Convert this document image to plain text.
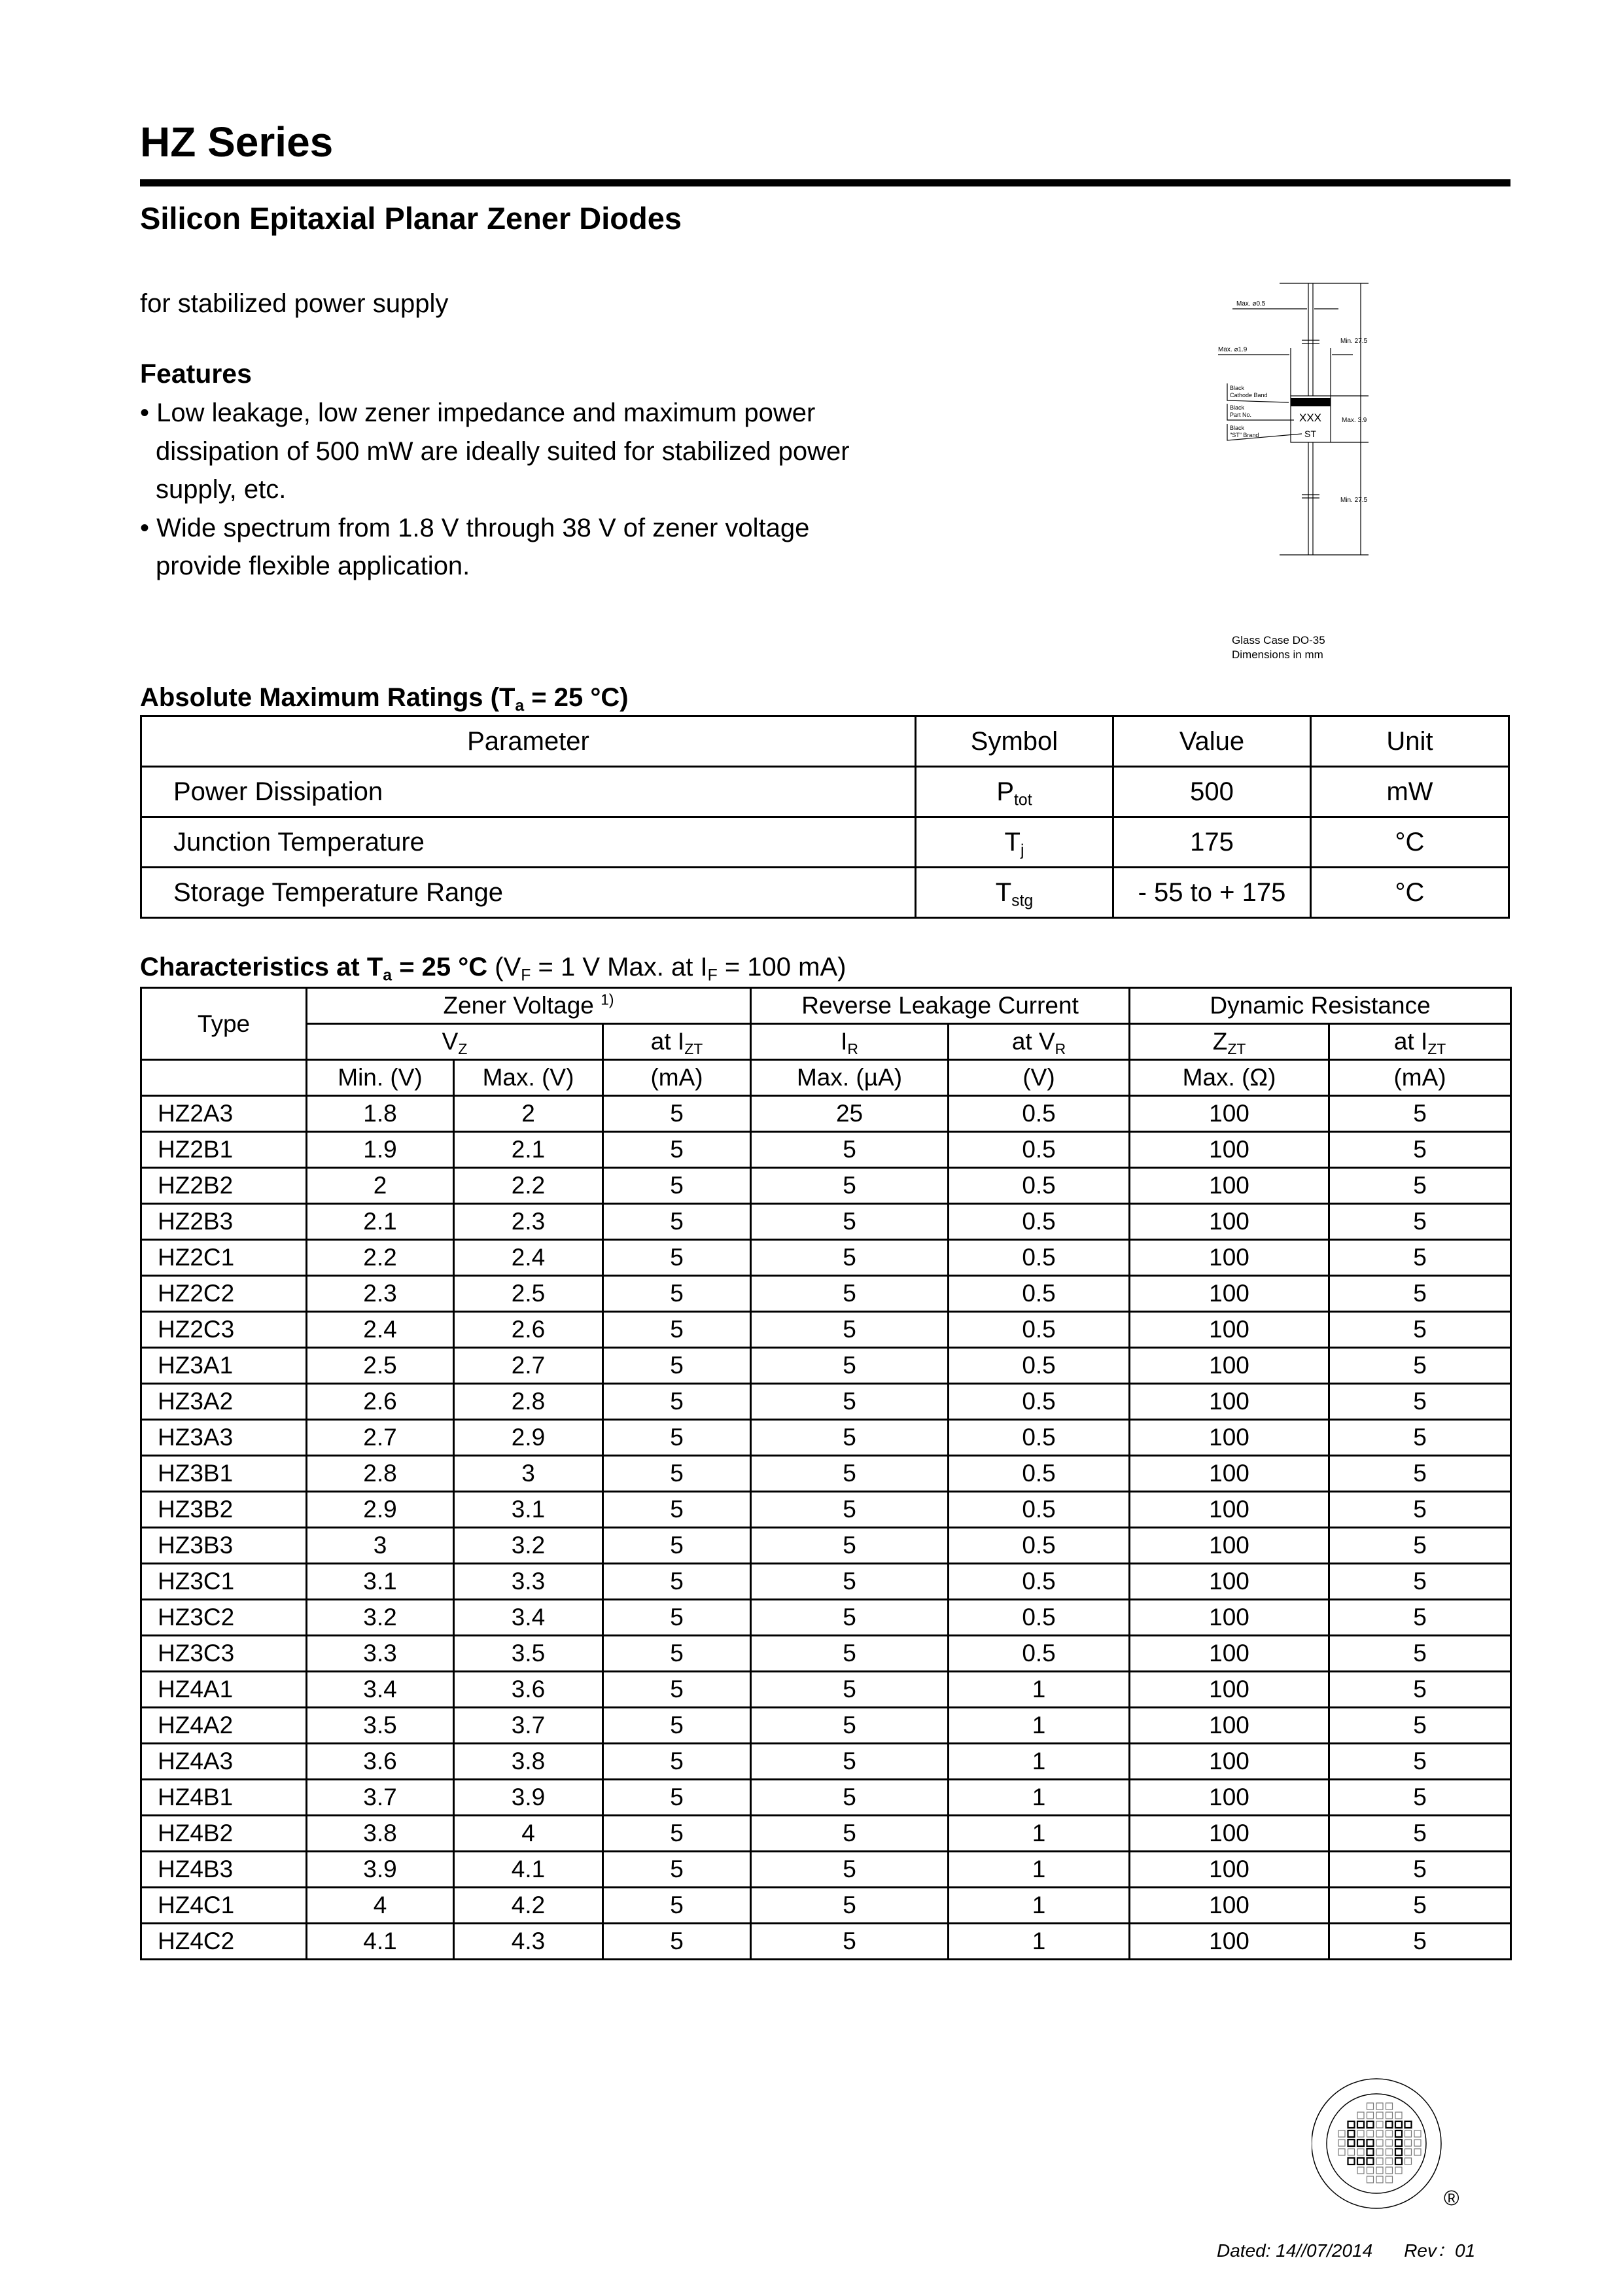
HZ Series
Silicon Epitaxial Planar Zener Diodes
for stabilized power supply
Features
• Low leakage, low zener impedance and maximum power dissipation of 500 mW are ideally suited for stabilized power supply, etc.
• Wide spectrum from 1.8 V through 38 V of zener voltage provide flexible application.
Max. ⌀0.5
Max. ⌀1.9
Min. 27.5
Max. 3.9
Min. 27.5
Black
Cathode Band
Black
Part No.
Black
"ST" Brand
XXX
ST
Glass Case DO-35
Dimensions in mm
Absolute Maximum Ratings ($T_a = 25$ °C)
Parameter	Symbol	Value	Unit
Power Dissipation	$P_{tot}$	500	mW
Junction Temperature	$T_j$	175	°C
Storage Temperature Range	$T_{stg}$	- 55 to + 175	°C
Characteristics at $T_a = 25$ °C ($V_F = 1$ V Max. at $I_F = 100$ mA)
Type	Zener Voltage $^{1)}$			Reverse Leakage Current		Dynamic Resistance	
	$V_Z$		at $I_{ZT}$	$I_R$	at $V_R$	$Z_{ZT}$	at $I_{ZT}$
	Min. (V)	Max. (V)	(mA)	Max. (µA)	(V)	Max. (Ω)	(mA)
HZ2A3	1.8	2	5	25	0.5	100	5
HZ2B1	1.9	2.1	5	5	0.5	100	5
HZ2B2	2	2.2	5	5	0.5	100	5
HZ2B3	2.1	2.3	5	5	0.5	100	5
HZ2C1	2.2	2.4	5	5	0.5	100	5
HZ2C2	2.3	2.5	5	5	0.5	100	5
HZ2C3	2.4	2.6	5	5	0.5	100	5
HZ3A1	2.5	2.7	5	5	0.5	100	5
HZ3A2	2.6	2.8	5	5	0.5	100	5
HZ3A3	2.7	2.9	5	5	0.5	100	5
HZ3B1	2.8	3	5	5	0.5	100	5
HZ3B2	2.9	3.1	5	5	0.5	100	5
HZ3B3	3	3.2	5	5	0.5	100	5
HZ3C1	3.1	3.3	5	5	0.5	100	5
HZ3C2	3.2	3.4	5	5	0.5	100	5
HZ3C3	3.3	3.5	5	5	0.5	100	5
HZ4A1	3.4	3.6	5	5	1	100	5
HZ4A2	3.5	3.7	5	5	1	100	5
HZ4A3	3.6	3.8	5	5	1	100	5
HZ4B1	3.7	3.9	5	5	1	100	5
HZ4B2	3.8	4	5	5	1	100	5
HZ4B3	3.9	4.1	5	5	1	100	5
HZ4C1	4	4.2	5	5	1	100	5
HZ4C2	4.1	4.3	5	5	1	100	5
®
Dated: 14//07/2014 Rev：01
